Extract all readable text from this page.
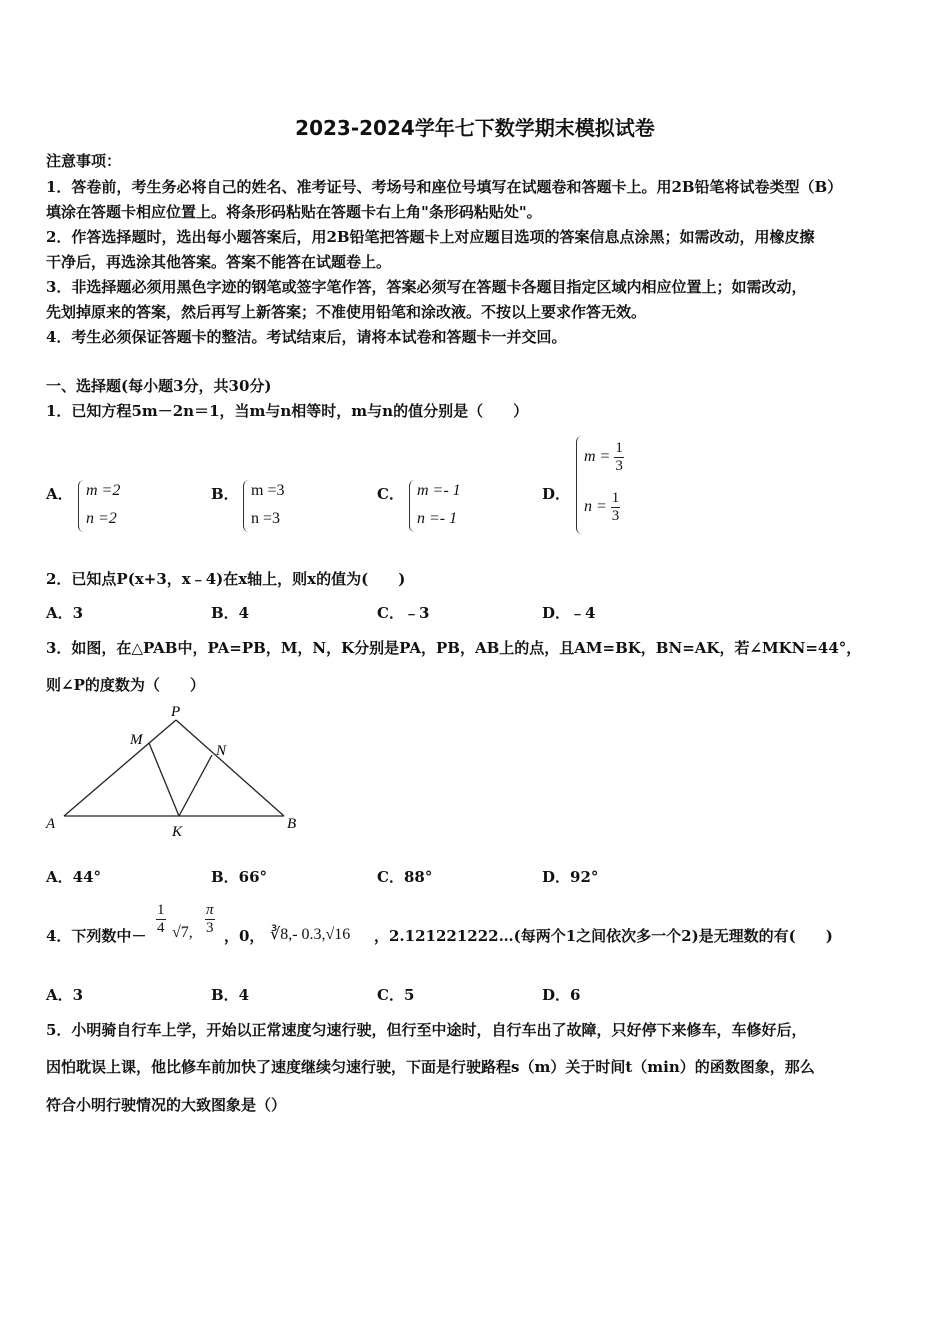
2023-2024学年七下数学期末模拟试卷
注意事项：
1．答卷前，考生务必将自己的姓名、准考证号、考场号和座位号填写在试题卷和答题卡上。用2B铅笔将试卷类型（B）
填涂在答题卡相应位置上。将条形码粘贴在答题卡右上角"条形码粘贴处"。
2．作答选择题时，选出每小题答案后，用2B铅笔把答题卡上对应题目选项的答案信息点涂黑；如需改动，用橡皮擦
干净后，再选涂其他答案。答案不能答在试题卷上。
3．非选择题必须用黑色字迹的钢笔或签字笔作答，答案必须写在答题卡各题目指定区域内相应位置上；如需改动，
先划掉原来的答案，然后再写上新答案；不准使用铅笔和涂改液。不按以上要求作答无效。
4．考生必须保证答题卡的整洁。考试结束后，请将本试卷和答题卡一并交回。
一、选择题(每小题3分，共30分)
1．已知方程5m－2n＝1，当m与n相等时，m与n的值分别是（　　）
A． m =2
n =2
B． m =3
n =3
C． m =- 1
n =- 1
D．
$m = \frac{1}{3}$
$n = \frac{1}{3}$
2．已知点P(x+3，x﹣4)在x轴上，则x的值为(　　)
A．3	B．4	C．﹣3	D．﹣4
3．如图，在△PAB中，PA=PB，M，N，K分别是PA，PB，AB上的点，且AM=BK，BN=AK，若∠MKN=44°，
则∠P的度数为（　　）
P
M
N
A	K	B
A．44°	B．66°	C．88°	D．92°
4．下列数中－ $\frac{1}{4} √7$, $\frac{\pi}{3}$ ，0， ∛8,- 0.3,√16 ，2.121221222…(每两个1之间依次多一个2)是无理数的有(　　)
A．3	B．4	C．5	D．6
5．小明骑自行车上学，开始以正常速度匀速行驶，但行至中途时，自行车出了故障，只好停下来修车，车修好后，
因怕耽误上课，他比修车前加快了速度继续匀速行驶，下面是行驶路程s（m）关于时间t（min）的函数图象，那么
符合小明行驶情况的大致图象是（）
